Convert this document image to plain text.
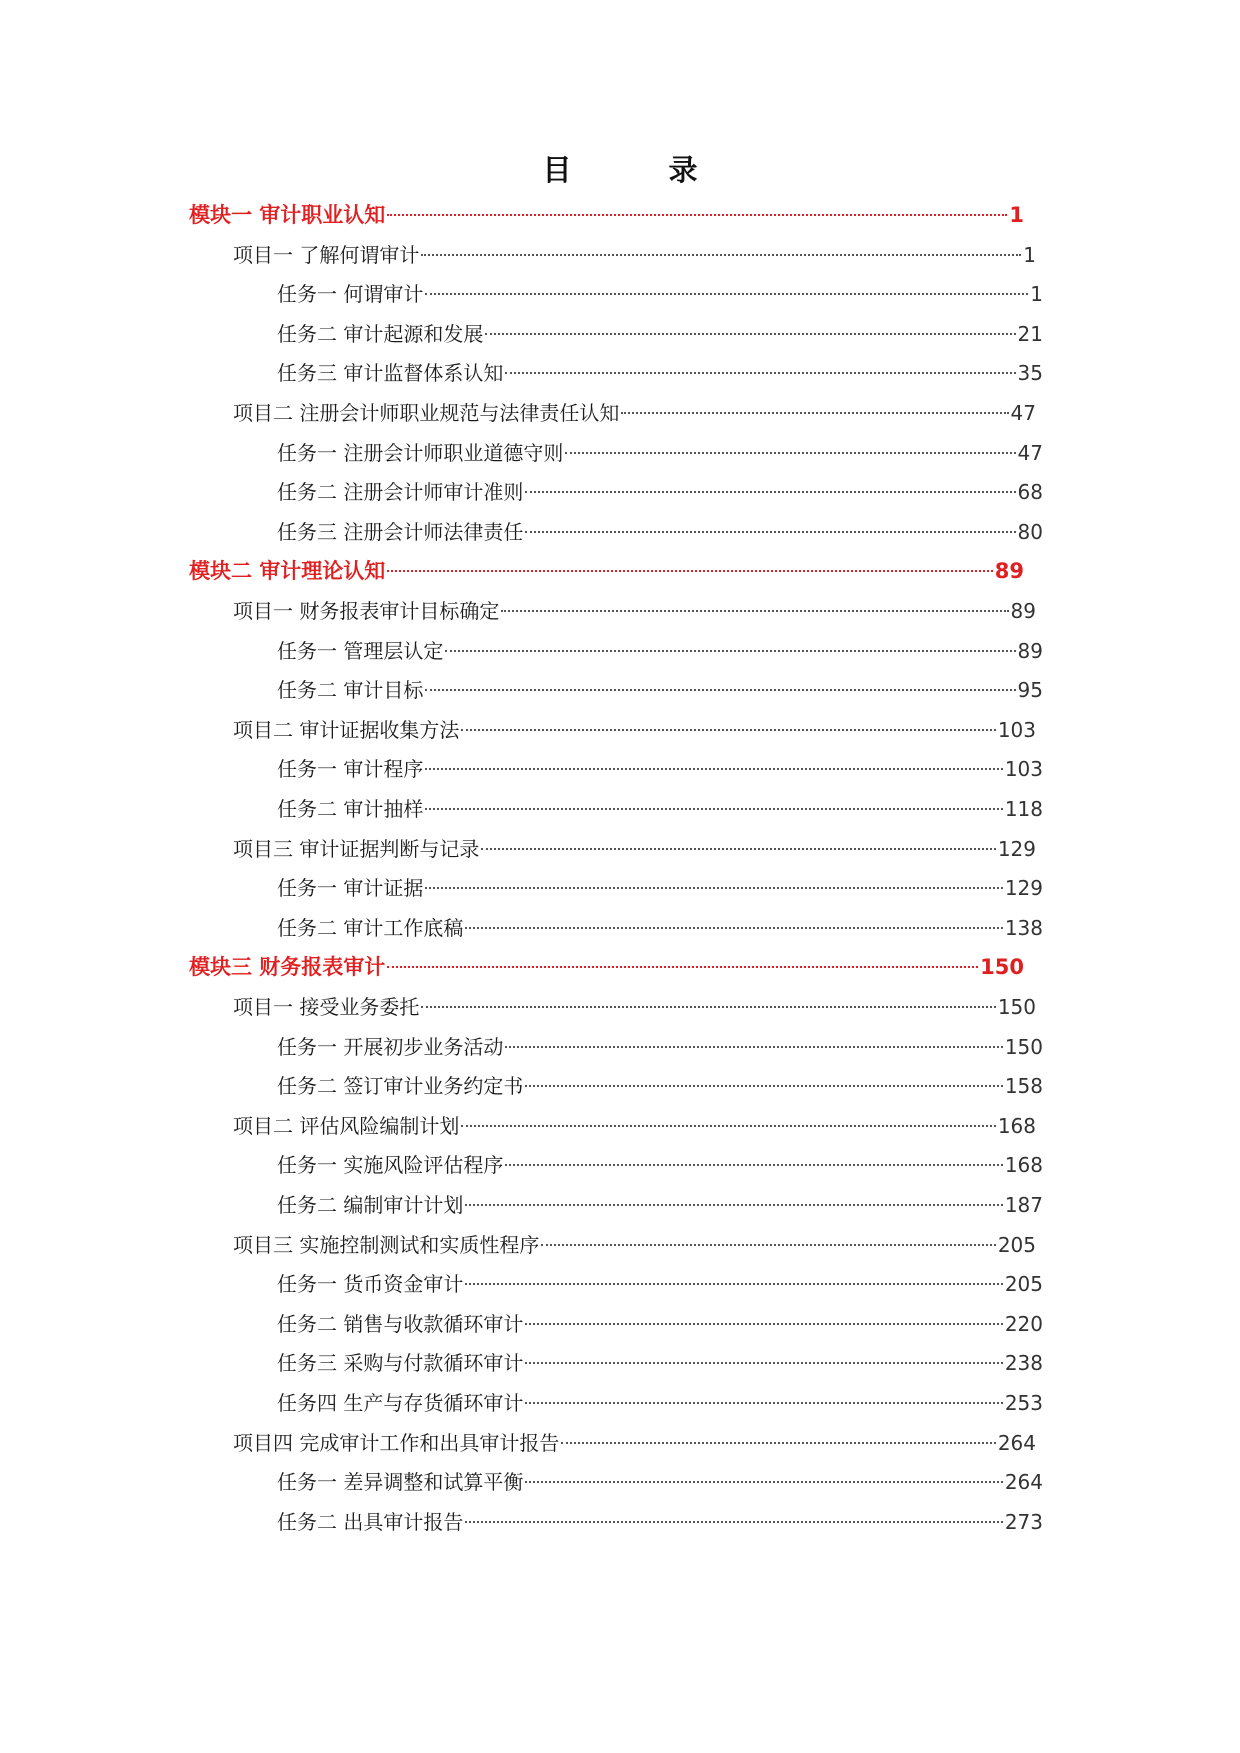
目　录
模块一 审计职业认知	1
项目一 了解何谓审计	1
任务一 何谓审计	1
任务二 审计起源和发展	21
任务三 审计监督体系认知	35
项目二 注册会计师职业规范与法律责任认知	47
任务一 注册会计师职业道德守则	47
任务二 注册会计师审计准则	68
任务三 注册会计师法律责任	80
模块二 审计理论认知	89
项目一 财务报表审计目标确定	89
任务一 管理层认定	89
任务二 审计目标	95
项目二 审计证据收集方法	103
任务一 审计程序	103
任务二 审计抽样	118
项目三 审计证据判断与记录	129
任务一 审计证据	129
任务二 审计工作底稿	138
模块三 财务报表审计	150
项目一 接受业务委托	150
任务一 开展初步业务活动	150
任务二 签订审计业务约定书	158
项目二 评估风险编制计划	168
任务一 实施风险评估程序	168
任务二 编制审计计划	187
项目三 实施控制测试和实质性程序	205
任务一 货币资金审计	205
任务二 销售与收款循环审计	220
任务三 采购与付款循环审计	238
任务四 生产与存货循环审计	253
项目四 完成审计工作和出具审计报告	264
任务一 差异调整和试算平衡	264
任务二 出具审计报告	273
